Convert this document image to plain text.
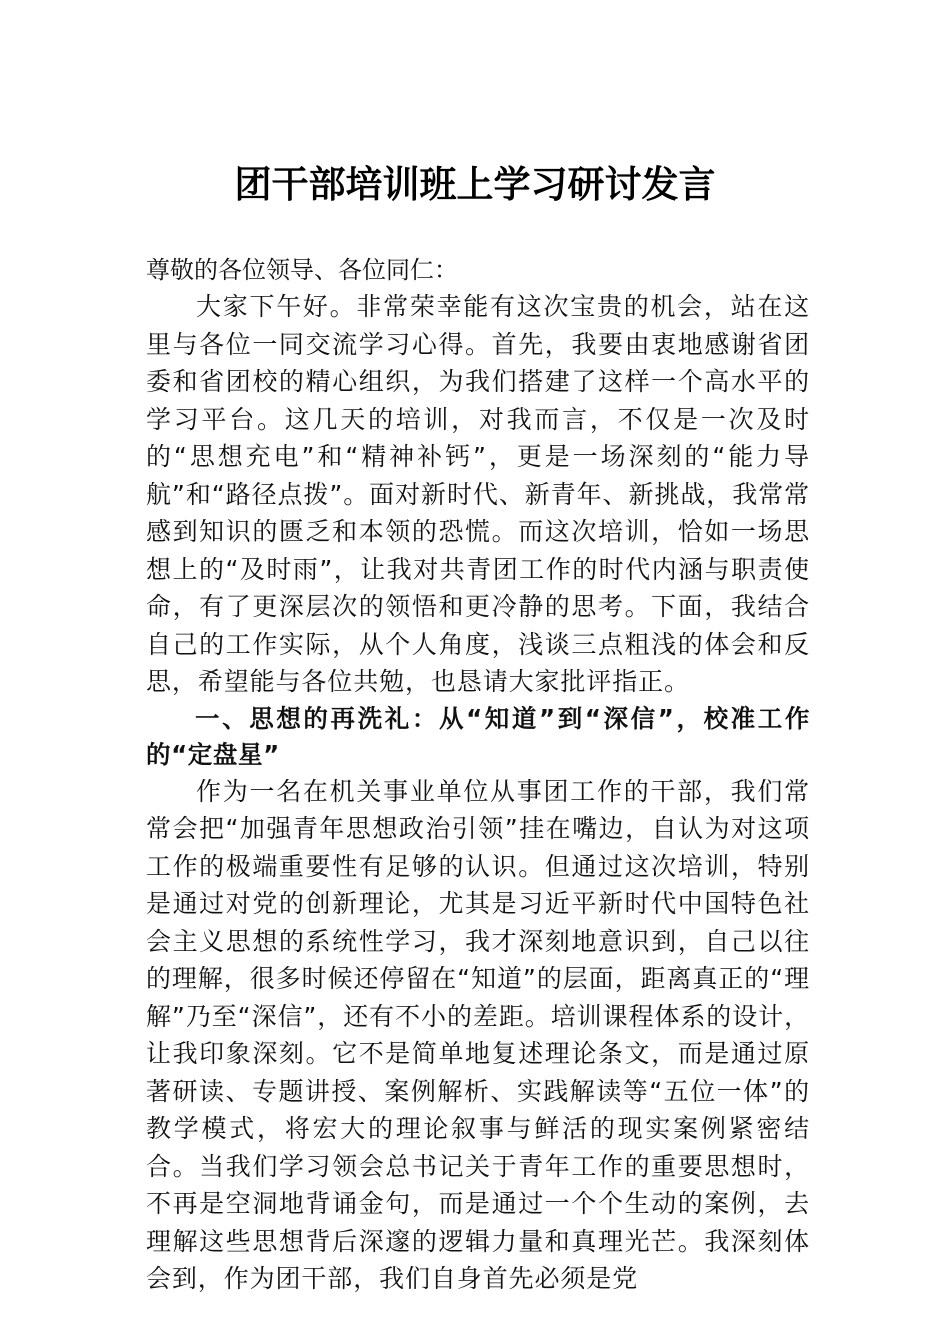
团干部培训班上学习研讨发言

尊敬的各位领导、各位同仁：

大家下午好。非常荣幸能有这次宝贵的机会，站在这里与各位一同交流学习心得。首先，我要由衷地感谢省团委和省团校的精心组织，为我们搭建了这样一个高水平的学习平台。这几天的培训，对我而言，不仅是一次及时的“思想充电”和“精神补钙”，更是一场深刻的“能力导航”和“路径点拨”。面对新时代、新青年、新挑战，我常常感到知识的匮乏和本领的恐慌。而这次培训，恰如一场思想上的“及时雨”，让我对共青团工作的时代内涵与职责使命，有了更深层次的领悟和更冷静的思考。下面，我结合自己的工作实际，从个人角度，浅谈三点粗浅的体会和反思，希望能与各位共勉，也恳请大家批评指正。

一、思想的再洗礼：从“知道”到“深信”，校准工作的“定盘星”

作为一名在机关事业单位从事团工作的干部，我们常常会把“加强青年思想政治引领”挂在嘴边，自认为对这项工作的极端重要性有足够的认识。但通过这次培训，特别是通过对党的创新理论，尤其是习近平新时代中国特色社会主义思想的系统性学习，我才深刻地意识到，自己以往的理解，很多时候还停留在“知道”的层面，距离真正的“理解”乃至“深信”，还有不小的差距。培训课程体系的设计，让我印象深刻。它不是简单地复述理论条文，而是通过原著研读、专题讲授、案例解析、实践解读等“五位一体”的教学模式，将宏大的理论叙事与鲜活的现实案例紧密结合。当我们学习领会总书记关于青年工作的重要思想时，不再是空洞地背诵金句，而是通过一个个生动的案例，去理解这些思想背后深邃的逻辑力量和真理光芒。我深刻体会到，作为团干部，我们自身首先必须是党
